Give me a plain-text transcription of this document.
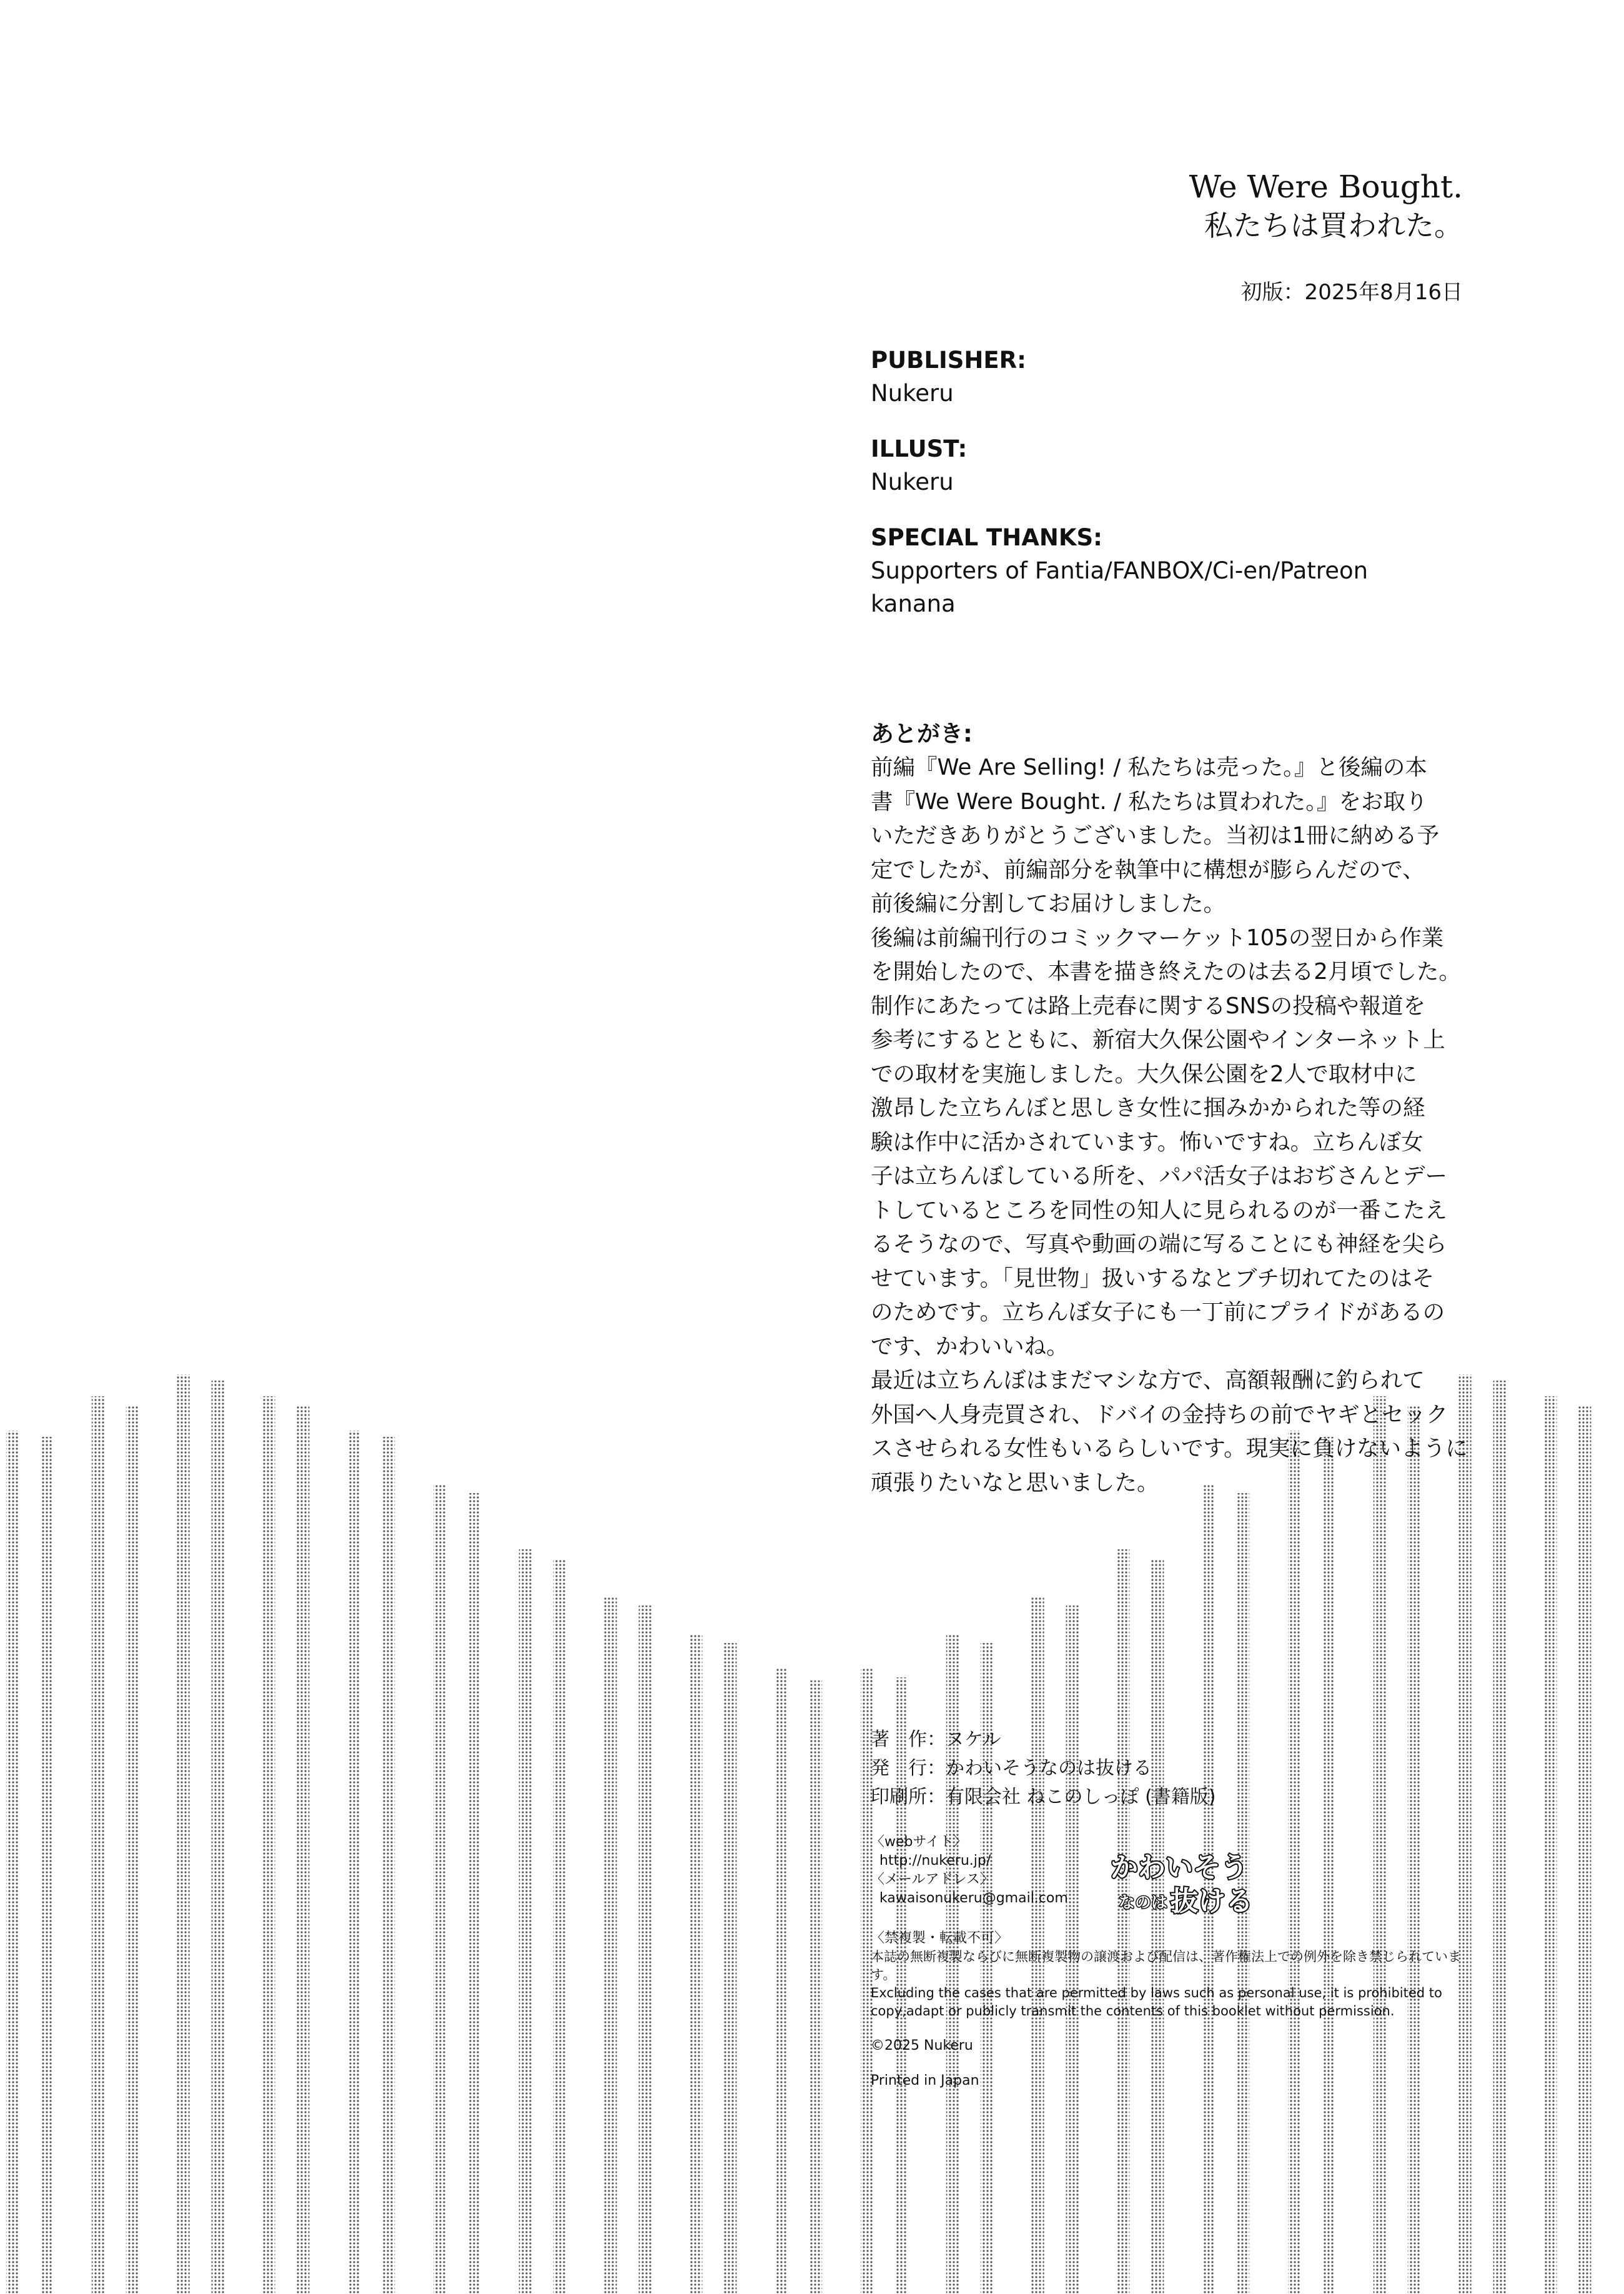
We Were Bought.
私たちは買われた。
初版：2025年8月16日
PUBLISHER:
Nukeru
ILLUST:
Nukeru
SPECIAL THANKS:
Supporters of Fantia/FANBOX/Ci-en/Patreon
kanana
あとがき:
前編『We Are Selling! / 私たちは売った。』と後編の本
書『We Were Bought. / 私たちは買われた。』をお取り
いただきありがとうございました。当初は1冊に納める予
定でしたが、前編部分を執筆中に構想が膨らんだので、
前後編に分割してお届けしました。
後編は前編刊行のコミックマーケット105の翌日から作業
を開始したので、本書を描き終えたのは去る2月頃でした。
制作にあたっては路上売春に関するSNSの投稿や報道を
参考にするとともに、新宿大久保公園やインターネット上
での取材を実施しました。大久保公園を2人で取材中に
激昂した立ちんぼと思しき女性に掴みかかられた等の経
験は作中に活かされています。怖いですね。立ちんぼ女
子は立ちんぼしている所を、パパ活女子はおぢさんとデー
トしているところを同性の知人に見られるのが一番こたえ
るそうなので、写真や動画の端に写ることにも神経を尖ら
せています。「見世物」扱いするなとブチ切れてたのはそ
のためです。立ちんぼ女子にも一丁前にプライドがあるの
です、かわいいね。
最近は立ちんぼはまだマシな方で、高額報酬に釣られて
外国へ人身売買され、ドバイの金持ちの前でヤギとセック
スさせられる女性もいるらしいです。現実に負けないように
頑張りたいなと思いました。
著　作：ヌケル
発　行：かわいそうなのは抜ける
印刷所：有限会社 ねこのしっぽ (書籍版)
〈webサイト〉
http://nukeru.jp/
〈メールアドレス〉
kawaisonukeru@gmail.com
〈禁複製・転載不可〉
本誌の無断複製ならびに無断複製物の譲渡および配信は、著作権法上での例外を除き禁じられています。
Excluding the cases that are permitted by laws such as personal use, it is prohibited to copy,adapt or publicly transmit the contents of this booklet without permission.
©2025 Nukeru
Printed in Japan
かわいそう
なのは 抜ける
